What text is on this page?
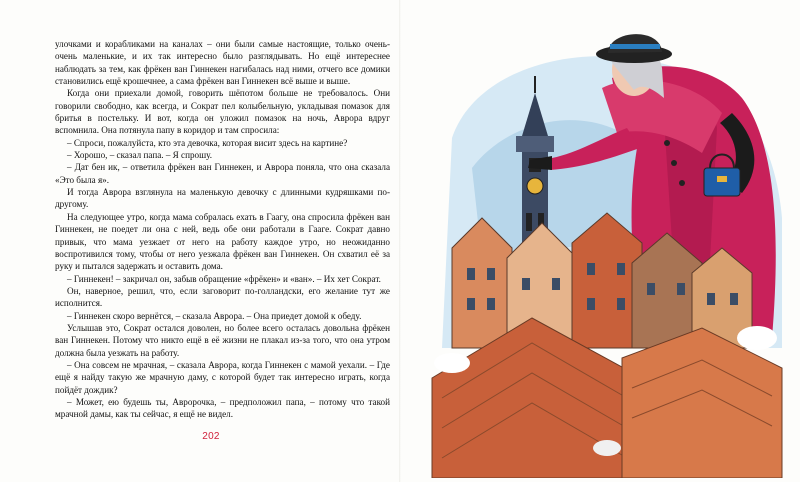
улочками и корабликами на каналах – они были самые настоящие, только очень-очень маленькие, и их так интересно было разглядывать. Но ещё интереснее наблюдать за тем, как фрёкен ван Гиннекен нагибалась над ними, отчего все домики становились ещё крошечнее, а сама фрёкен ван Гиннекен всё выше и выше.

Когда они приехали домой, говорить шёпотом больше не требовалось. Они говорили свободно, как всегда, и Сократ пел колыбельную, укладывая помазок для бритья в постельку. И вот, когда он уложил помазок на ночь, Аврора вдруг вспомнила. Она потянула папу в коридор и там спросила:

– Спроси, пожалуйста, кто эта девочка, которая висит здесь на картине?

– Хорошо, – сказал папа. – Я спрошу.

– Дат бен ик, – ответила фрёкен ван Гиннекен, и Аврора поняла, что она сказала «Это была я».

И тогда Аврора взглянула на маленькую девочку с длинными кудряшками по-другому.

На следующее утро, когда мама собралась ехать в Гаагу, она спросила фрёкен ван Гиннекен, не поедет ли она с ней, ведь обе они работали в Гааге. Сократ давно привык, что мама уезжает от него на работу каждое утро, но неожиданно воспротивился тому, чтобы от него уезжала фрёкен ван Гиннекен. Он схватил её за руку и пытался задержать и оставить дома.

– Гиннекен! – закричал он, забыв обращение «фрёкен» и «ван». – Их хет Сократ.

Он, наверное, решил, что, если заговорит по-голландски, его желание тут же исполнится.

– Гиннекен скоро вернётся, – сказала Аврора. – Она приедет домой к обеду.

Услышав это, Сократ остался доволен, но более всего осталась довольна фрёкен ван Гиннекен. Потому что никто ещё в её жизни не плакал из-за того, что она утром должна была уезжать на работу.

– Она совсем не мрачная, – сказала Аврора, когда Гиннекен с мамой уехали. – Где ещё я найду такую же мрачную даму, с которой будет так интересно играть, когда пойдёт дождик?

– Может, ею будешь ты, Авророчка, – предположил папа, – потому что такой мрачной дамы, как ты сейчас, я ещё не видел.

202
